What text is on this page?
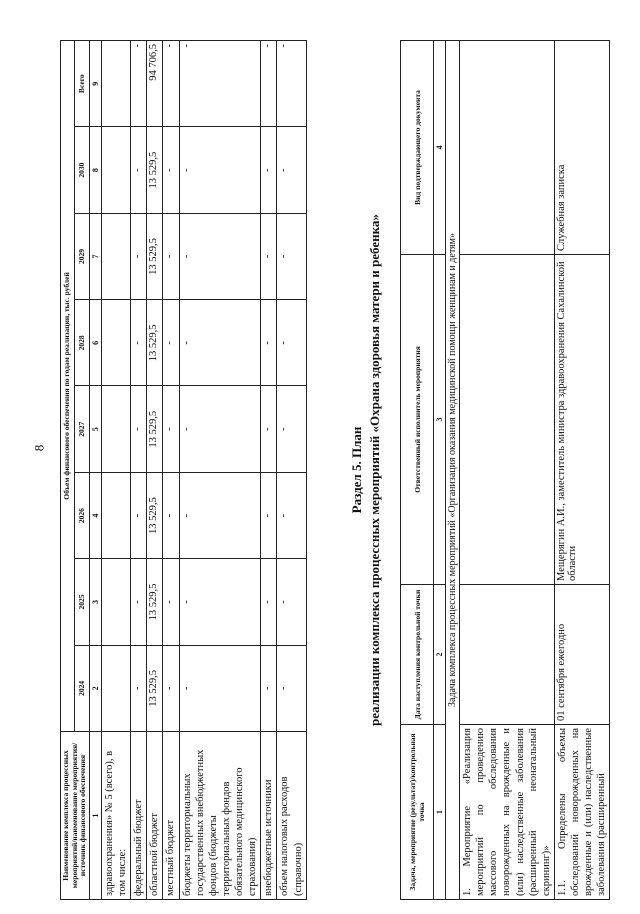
8
Наименование комплекса процессных мероприятий/наименование мероприятия/источник финансового обеспечения	Объем финансового обеспечения по годам реализации, тыс. рублей							
	2024	2025	2026	2027	2028	2029	2030	Всего
1	2	3	4	5	6	7	8	9
здравоохранения» № 5 (всего), в том числе:								
федеральный бюджет	-	-	-	-	-	-	-	-
областной бюджет	13 529,5	13 529,5	13 529,5	13 529,5	13 529,5	13 529,5	13 529,5	94 706,5
местный бюджет	-	-	-	-	-	-	-	-
бюджеты территориальных государственных внебюджетных фондов (бюджеты территориальных фондов обязательного медицинского страхования)	-	-	-	-	-	-	-	-
внебюджетные источники	-	-	-	-	-	-	-	-
объем налоговых расходов (справочно)	-	-	-	-	-	-	-	-
Раздел 5. План реализации комплекса процессных мероприятий «Охрана здоровья матери и ребенка»
Задача, мероприятие (результат)/контрольная точка	Дата наступления контрольной точки	Ответственный исполнитель мероприятия	Вид подтверждающего документа
1	2	3	4
Задача комплекса процессных мероприятий «Организация оказания медицинской помощи женщинам и детям»			
1. Мероприятие «Реализация мероприятий по проведению массового обследования новорожденных на врожденные и (или) наследственные заболевания (расширенный неонатальный скрининг)»			
1.1. Определены объемы обследований новорожденных на врожденные и (или) наследственные заболевания (расширенный	01 сентября ежегодно	Мещерягин А.И., заместитель министра здравоохранения Сахалинской области	Служебная записка
